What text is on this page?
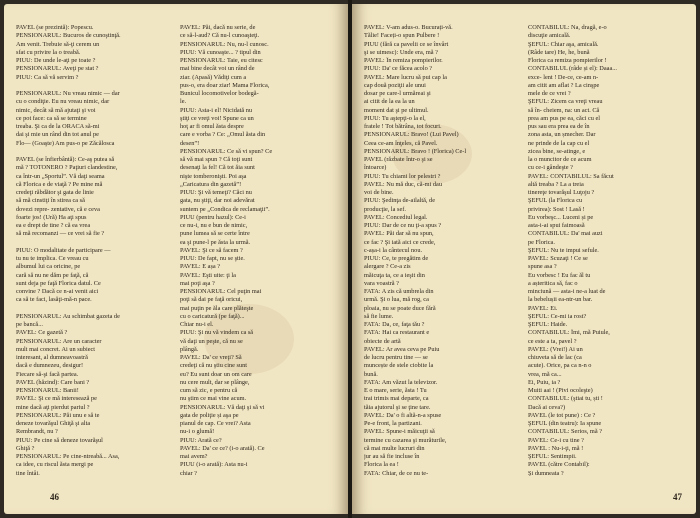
PAVEL (se prezintă): Popescu.
PENSIONARUL: Bucuros de cunoştinţă.
Am venit. Trebuie să-ţi cerem un
sfat cu privire la o treabă.
PIUU: De unde le-aţi pe toate ?
PENSIONARUL: Aveţi pe stat ?
PIUU: Ca să vă servim ?

PENSIONARUL: Nu vreau nimic — dar
cu o condiţie. Eu nu vreau nimic, dar
nimic, decât să mă ajutaţi şi voi
ce pot face: ca să se termine
treaba. Şi ca de la ORACA să-mi
dai şi mie un rând din tot anul pe
Flo— (Goaşte) Am pus-o pe Zăcălosca

PAVEL (se înfierbântă): Ce-aş putea să
mă ? TOTONERO ? Paţiuri clandestine,
ca într-un „Sportul”. Vă daţi seama
că Florica e de viaţă ? Pe mine mă
credeţi răbdător şi gata de linie
să mă cinstiţi în stirea ca să
dovezi repre- zentative, că e ceva
foarte jos! (Ură) Ha aţi spus
ea e drept de tine ? că ea vrea
să mă recomanzi — ce vrei să fie ?

PIUU: O modalitate de participare —
tu nu te implica. Ce vreau cu
albumul lui ca oricine, pe
cară să nu ne dăm pe faţă, că
sunt deja pe faţă Florica datul. Ce
convine ? Dacă ce n-ai venit aici
ca să te faci, lasăţi-mă-n pace.

PENSIONARUL: Au schimbat gazeta de
pe bancă...
PAVEL: Ce gazetă ?
PENSIONARUL: Are un caracter
mult mai concret. Ai un subiect
interesant, al dumneavoastră
dacă e dumnezeu, desigur!
Fiecare să-şi facă partea.
PAVEL (hăzind): Care bani ?
PENSIONARUL: Banii!
PAVEL: Şi ce mă interesează pe
mine dacă aţi pierdut pariul ?
PENSIONARUL: Păi unu e să te
deneze tovarăşul Ghiţă şi alta
Rembrandt, nu ?
PIUU: Pe cine să deneze tovarăşul
Ghiţă ?
PENSIONARUL: Pe cine-ntreabă... Asa,
ca idee, cu riscul ăsta mergi pe
tine întâi.
PAVEL: Păi, dacă nu serie, de
ce să-l-aud? Că nu-l cunoaşteţi.
PENSIONARUL: Nu, nu-l cunosc.
PIUU: Vă cunoaşte... ? tipul din
PENSIONARUL: Taie, eu citesc
mai bine decât voi un rând de
ziar. (Apasă) Vădiţi cum a
pus-o, era doar ziar! Mama Florica,
Bunicul locomotivelor bodegă-
le.
PIUU: Asta-i el! Nicidată nu
ştiţi ce vreţi voi! Spune ca un
hoţ ar fi omul ăsta despre
care e vorba ? Ce: „Omul ăsta din
desen”!
PENSIONARUL: Ce să vi spun? Ce
să vă mai spun ? Că toţi sunt
desenaţi la fel! Că tot ăia sunt
nişte tomberonişti. Poi aşa
„Caricatura din gazetă”!
PIUU: Şi vă temeţi? Căci nu
gata, nu ştiţi, dar noi adevărat
suntem pe „Condica de reclamaţii”.
PIUU (pentru hazul): Ce-i
ce nu-i, nu e bun de nimic,
pune lumea să se certe între
ea şi pune-l pe ăsta la urmă.
PAVEL: Şi ce să facem ?
PIUU: De fapt, nu se ştie.
PAVEL: E așa ?
PAVEL: Eşti uite: ţi la
mai poţi aşa ?
PENSIONARUL: Cel puţin mai
poţi să dai pe faţă oricui,
mai puţin pe ăla care plăteşte
cu o caricatură (pe faţă)...
Chiar nu-i el.
PIUU: Şi nu vă vindem ca să
vă daţi un peşte, că nu se
plângă.
PAVEL: Da' ce vreţi? Să
credeţi că nu ştiu cine sunt
eu? Eu sunt doar un om care
nu cere mult, dar se plânge,
cum să zic, e pentru că
nu ştim ce mai vine acum.
PENSIONARUL: Vă daţi şi să vi
gata de poliţie și aşa pe
pianul de cap. Ce vrei? Asta
nu-i o glumă!
PIUU: Arată ce?
PAVEL: Da' ce ce? (i-o arată). Ce
mai avem?
PIUU (i-o arată): Asta nu-i
chiar ?
46
PAVEL: V-am adus-o. Bucurați-vă.
Tălie! Faceți-o spun Pulbere !
PIUU (fără ca pavelii ce se învârt
şi se uimesc): Unde era, mă ?
PAVEL: În remiza pompierilor.
PIUU: Da' ce făcea acolo ?
PAVEL: Mare lucru să pui cap la
cap două poziţii ale unui
dosar pe care-l urmăreai şi
ai citit de la ea la un
moment dat şi pe ultimul.
PIUU: Tu aştepţi-o la el,
fratele ! Tot bătrâna, tot focuri.
PENSIONARUL: Bravo! (Lui Pavel)
Ceea ce-am înţeles, că Pavel.
PENSIONARUL: Bravo ! (Florica) Ce-l
PAVEL (răzbate într-o şi se
întoarce)
PIUU: Tu chiami lor pelestri ?
PAVEL: Nu mă duc, că-mi dau
voi de bine.
PIUU: Şedinţa de-ailaltă, de
producţie, la sef.
PAVEL: Concediul legal.
PIUU: Dar de ce nu ţi-a spus ?
PAVEL: Păi dar să nu spun,
ce fac ? Şi iată aici ce crede,
c-așa-i la cântecul nou.
PIUU: Ce, te pregătim de
alergare ? Ce-a zis
măicuţa ta, ce a ieşit din
vara voastră ?
FATA: A zis că umbrela din
urmă. Şi o lua, mă rog, ca
ploaia, nu se poate duce fără
să fie lume.
FATA: Da, ce, faţa tău ?
FATA: Hai ca restaurant e
obiecte de artă
PAVEL: Ar avea ceva pe Puiu
de lucru pentru tine — se
muncește de stele ciobite la
bună.
FATA: Am văzut la televizor.
E o mare, serie, ăsta ! Tu
trai trimis mai departe, ca
tăia ajutorul şi se ţine tare.
PAVEL: Da' o fi altă-n-a spuse
Pe-e front, la partizani.
PAVEL: Spune-i măicuţii să
termine cu cazarea şi murăturile,
că mai multe lucruri din
jur au să fie incluse în
Florica la ea !
FATA: Chiar, de ce nu te-
CONTABILUL: Na, dragă, e-o
discuţie amicală.
ŞEFUL: Chiar aşa, amicală.
(Râde tare) He, he, bună
Florica ca remiza pompierilor !
CONTABILUL (râde și el): Daaa...
exce- lent ! De-ce, ce-am n-
am citit am aflat ? La cinşpe
mele de ce vrei ?
ŞEFUL: Zicem ca vreţi vreau
să în- cheiem, na: un act. Că
prea am pus pe ea, căci cu el
pus sau era prea ea de în
zona asta, un șmecher. Dar
ne prinde de la cap cu el
zicea bine, se-atinge, e
la o muncitor de ce acum
cu ce-i gândeşte ?
PAVEL: CONTABILUL: Sa făcut
altă treaba ? La a treia
tinereţe tovarăşul Luţoju ?
ŞEFUL (la Florica cu
privirea): Sost ! Lasă !
Eu vorbeşc... Luceni și pe
asta-i-ai spui faimoasă
CONTABILUL: Da' mai auzi
pe Florica.
ŞEFUL: Nu te impui sefule.
PAVEL: Scuzaţi ! Ce se
spune asa ?
Eu vorbesc ! Eu fac ăl tu
a așteritica să, fac o
minciună — asta-i ne-a luat de
la bebelușii ea-ntr-un bar.
PAVEL: Ei.
ŞEFUL: Ce-mi ia rost?
ŞEFUL: Haide.
CONTABILUL: Îmi, mă Puiule,
ce este a ta, pavel ?
PAVEL: (Vrei!) Ai un
chiuveta să de lac (ca
acute). Orice, pa ca n-n o
vrea, mă ca...
Ei, Puiu, ia ?
Muiti aai ! (Pivi ocoleşte)
CONTABILUL: (ştiai tu, ști !
Dacă ai ceva?)
PAVEL (le tot pune) : Ce ?
ŞEFUL (din teatru): Ia spune
CONTABILUL: Serios, mă ?
PAVEL: Ce-i cu tine ?
PAVEL : Nu-i-ţi, mă !
ŞEFUL: Sentimpii.
PAVEL (către Contabil):
Şi dumneata ?
47
